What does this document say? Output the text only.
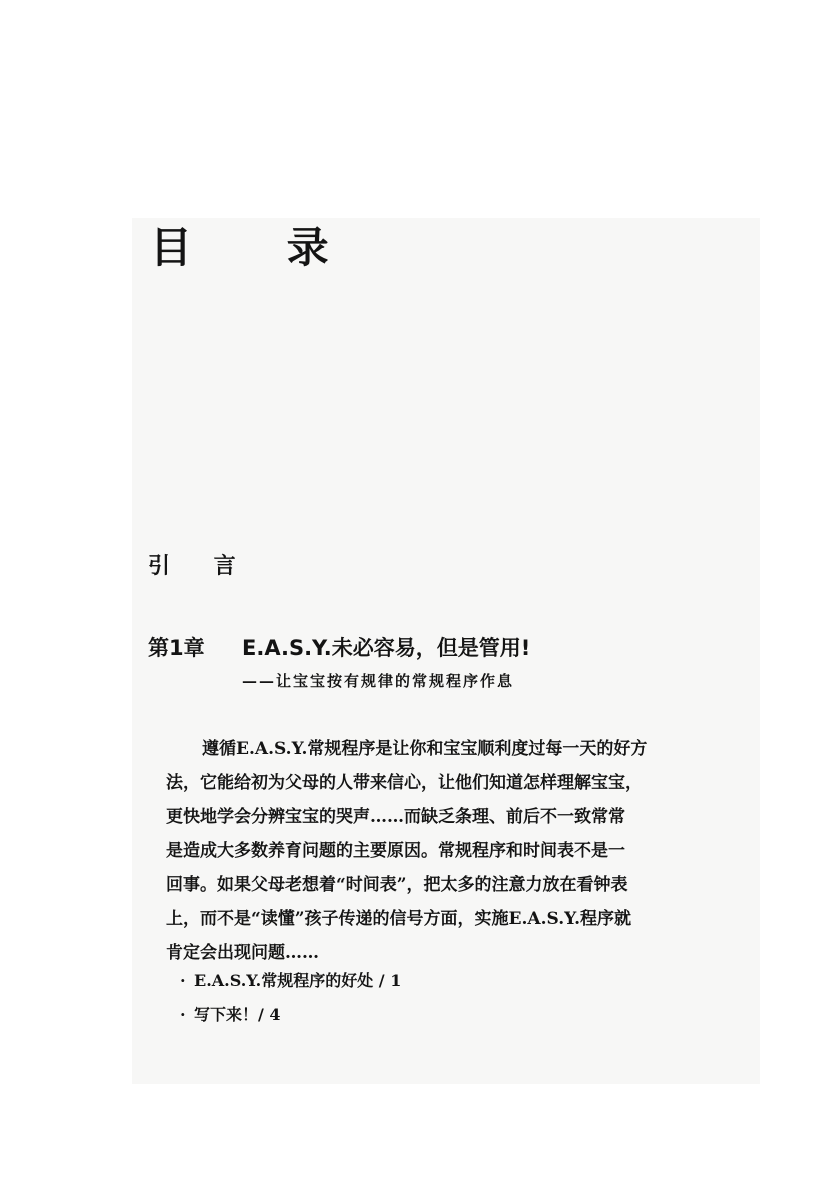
目 录
引 言
第1章 E.A.S.Y.未必容易，但是管用!
——让宝宝按有规律的常规程序作息
遵循E.A.S.Y.常规程序是让你和宝宝顺利度过每一天的好方
法，它能给初为父母的人带来信心，让他们知道怎样理解宝宝，
更快地学会分辨宝宝的哭声……而缺乏条理、前后不一致常常
是造成大多数养育问题的主要原因。常规程序和时间表不是一
回事。如果父母老想着“时间表”，把太多的注意力放在看钟表
上，而不是“读懂”孩子传递的信号方面，实施E.A.S.Y.程序就
肯定会出现问题……
· E.A.S.Y.常规程序的好处 / 1
· 写下来！/ 4
